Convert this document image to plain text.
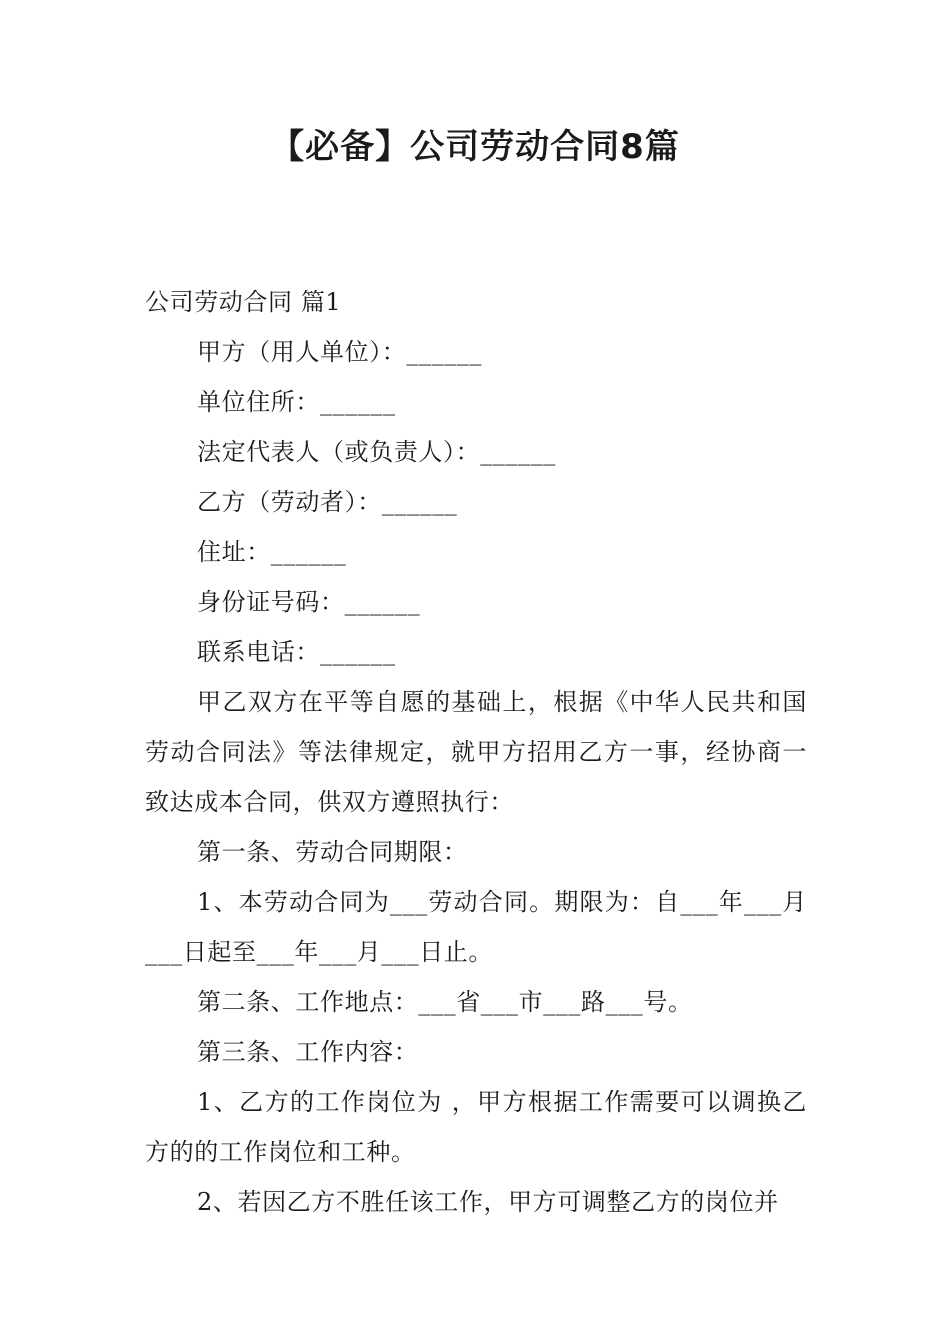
【必备】公司劳动合同8篇

公司劳动合同 篇1

甲方（用人单位）：______

单位住所：______

法定代表人（或负责人）：______

乙方（劳动者）：______

住址：______

身份证号码：______

联系电话：______

甲乙双方在平等自愿的基础上，根据《中华人民共和国劳动合同法》等法律规定，就甲方招用乙方一事，经协商一致达成本合同，供双方遵照执行：

第一条、劳动合同期限：

1、本劳动合同为___劳动合同。期限为：自___年___月___日起至___年___月___日止。

第二条、工作地点：___省___市___路___号。

第三条、工作内容：

1、乙方的工作岗位为 ，甲方根据工作需要可以调换乙方的的工作岗位和工种。

2、若因乙方不胜任该工作，甲方可调整乙方的岗位并
